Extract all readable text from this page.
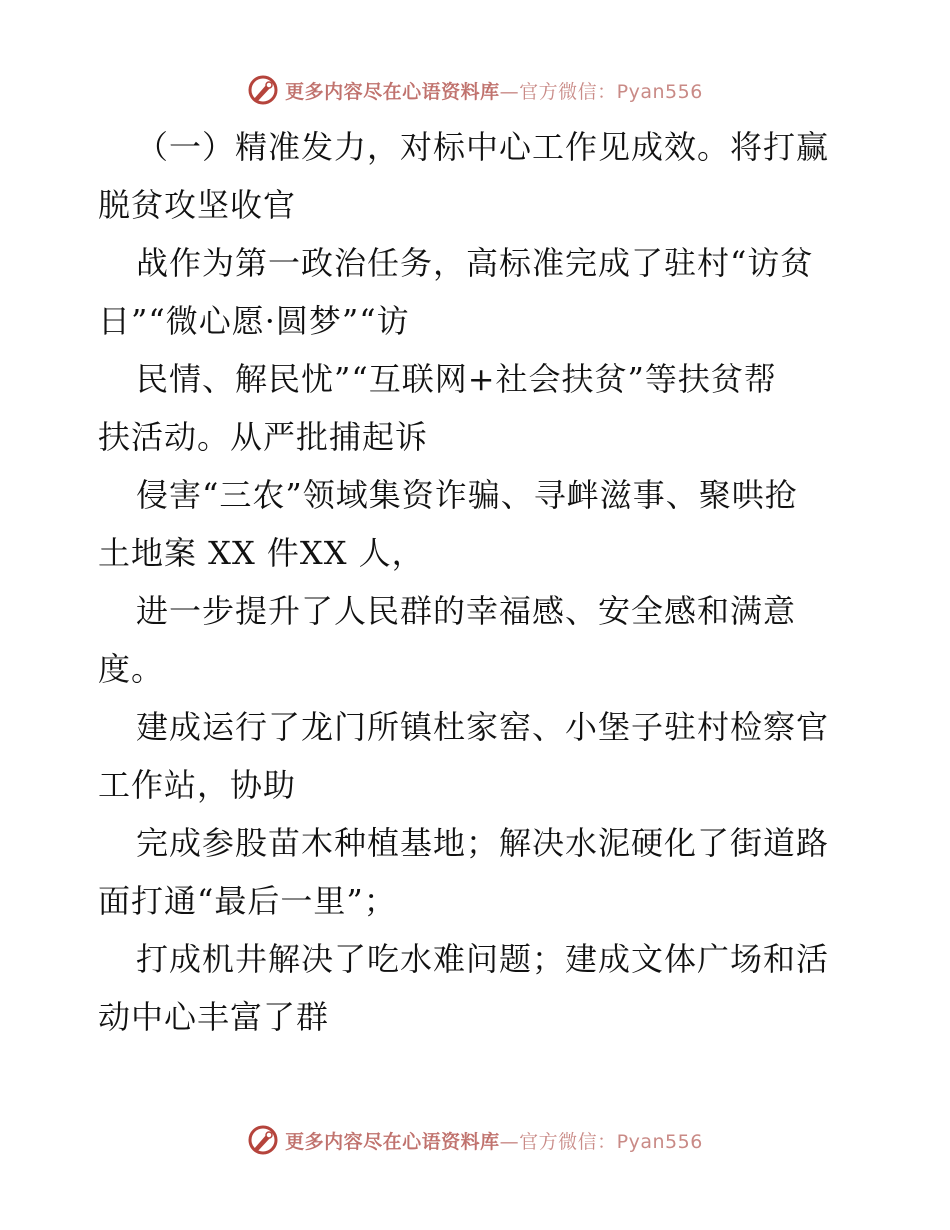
更多内容尽在心语资料库—官方微信：Pyan556
（一）精准发力，对标中心工作见成效。将打赢
脱贫攻坚收官
战作为第一政治任务，高标准完成了驻村“访贫
日”“微心愿·圆梦”“访
民情、解民忧”“互联网+社会扶贫”等扶贫帮
扶活动。从严批捕起诉
侵害“三农”领域集资诈骗、寻衅滋事、聚哄抢
土地案 XX 件XX 人，
进一步提升了人民群的幸福感、安全感和满意
度。
建成运行了龙门所镇杜家窑、小堡子驻村检察官
工作站，协助
完成参股苗木种植基地；解决水泥硬化了街道路
面打通“最后一里”；
打成机井解决了吃水难问题；建成文体广场和活
动中心丰富了群
更多内容尽在心语资料库—官方微信：Pyan556
